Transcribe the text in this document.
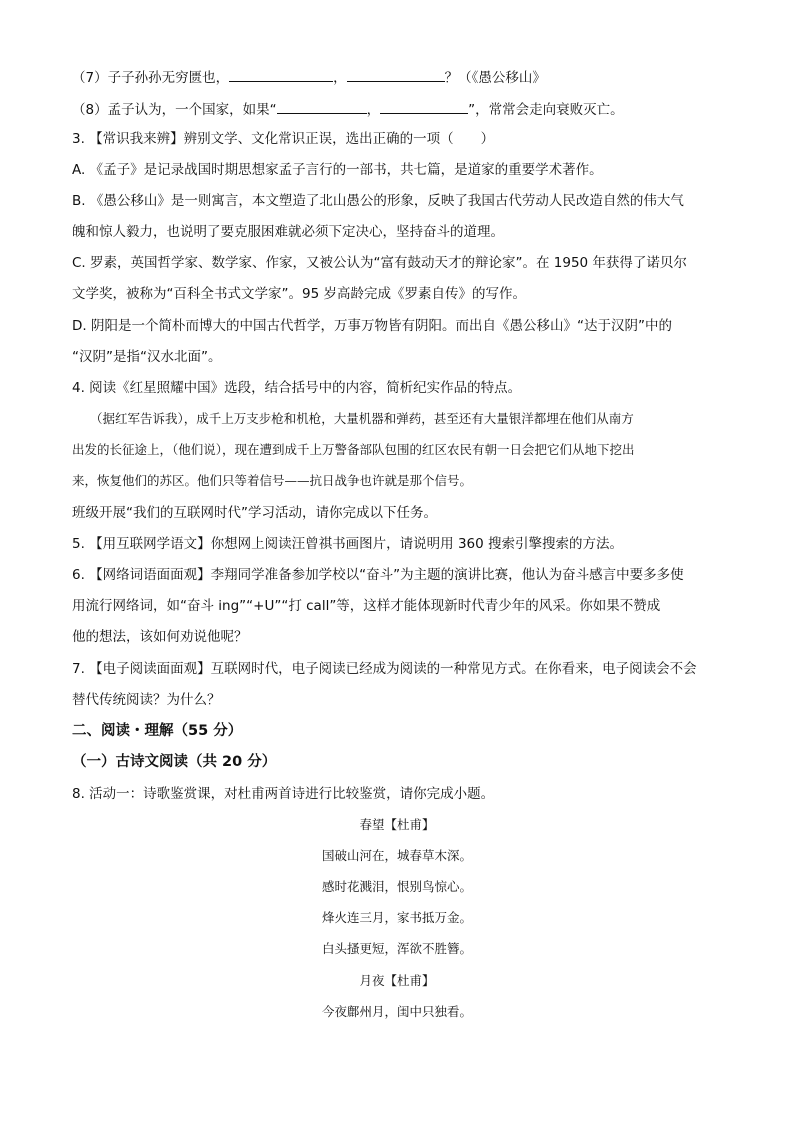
（7）子子孙孙无穷匮也，	，	？（《愚公移山》
（8）孟子认为，一个国家，如果“	，	”，常常会走向衰败灭亡。
3. 【常识我来辨】辨别文学、文化常识正误，选出正确的一项（　　）
A. 《孟子》是记录战国时期思想家孟子言行的一部书，共七篇，是道家的重要学术著作。
B. 《愚公移山》是一则寓言，本文塑造了北山愚公的形象，反映了我国古代劳动人民改造自然的伟大气
魄和惊人毅力，也说明了要克服困难就必须下定决心，坚持奋斗的道理。
C. 罗素，英国哲学家、数学家、作家，又被公认为“富有鼓动天才的辩论家”。在 1950 年获得了诺贝尔
文学奖，被称为“百科全书式文学家”。95 岁高龄完成《罗素自传》的写作。
D. 阴阳是一个简朴而博大的中国古代哲学，万事万物皆有阴阳。而出自《愚公移山》“达于汉阴”中的
“汉阴”是指“汉水北面”。
4. 阅读《红星照耀中国》选段，结合括号中的内容，简析纪实作品的特点。
（据红军告诉我），成千上万支步枪和机枪，大量机器和弹药，甚至还有大量银洋都埋在他们从南方
出发的长征途上，（他们说），现在遭到成千上万警备部队包围的红区农民有朝一日会把它们从地下挖出
来，恢复他们的苏区。他们只等着信号——抗日战争也许就是那个信号。
班级开展“我们的互联网时代”学习活动，请你完成以下任务。
5. 【用互联网学语文】你想网上阅读汪曾祺书画图片，请说明用 360 搜索引擎搜索的方法。
6. 【网络词语面面观】李翔同学准备参加学校以“奋斗”为主题的演讲比赛，他认为奋斗感言中要多多使
用流行网络词，如“奋斗 ing”“+U”“打 call”等，这样才能体现新时代青少年的风采。你如果不赞成
他的想法，该如何劝说他呢？
7. 【电子阅读面面观】互联网时代，电子阅读已经成为阅读的一种常见方式。在你看来，电子阅读会不会
替代传统阅读？为什么？
二、阅读・理解（55 分）
（一）古诗文阅读（共 20 分）
8. 活动一：诗歌鉴赏课，对杜甫两首诗进行比较鉴赏，请你完成小题。
春望【杜甫】
国破山河在，城春草木深。
感时花溅泪，恨别鸟惊心。
烽火连三月，家书抵万金。
白头搔更短，浑欲不胜簪。
月夜【杜甫】
今夜鄜州月，闺中只独看。
